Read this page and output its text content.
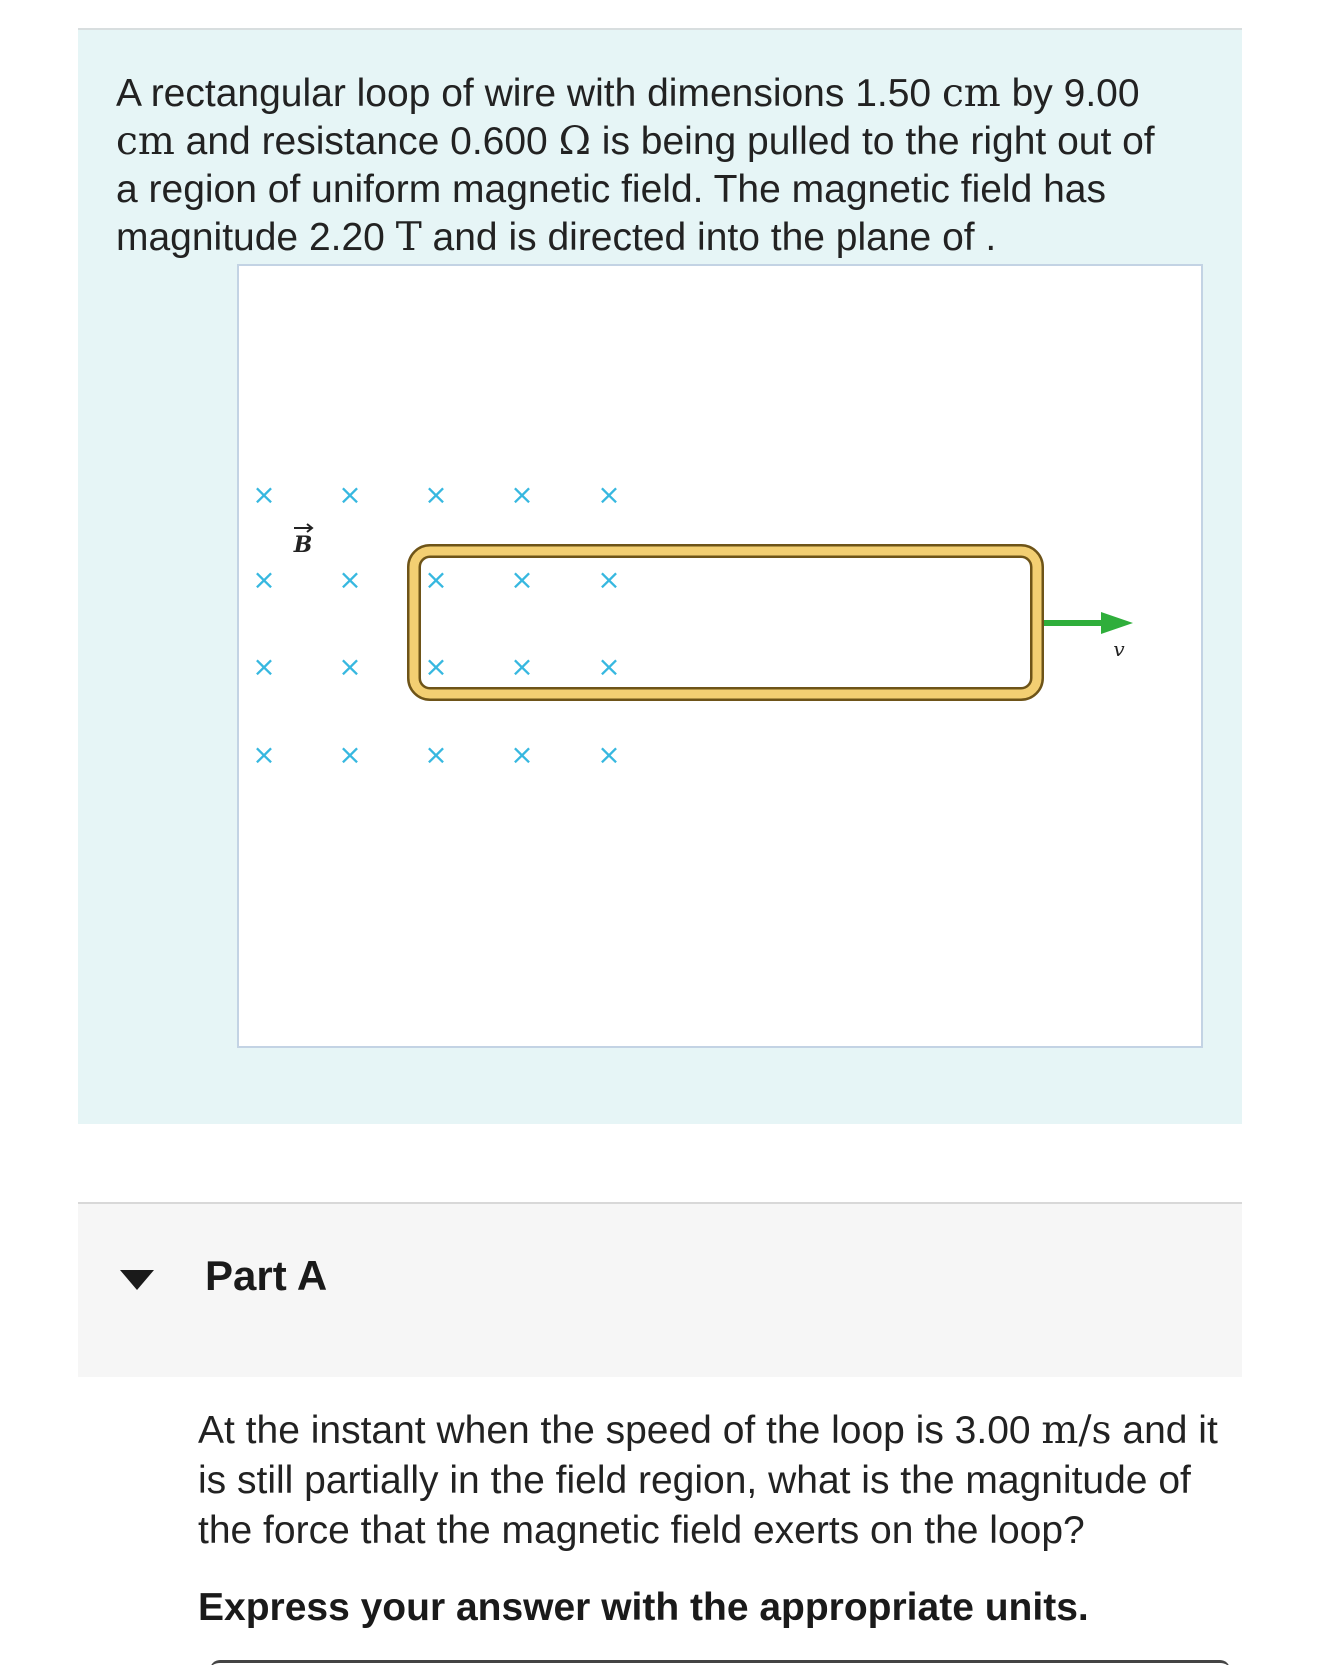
A rectangular loop of wire with dimensions 1.50 cm by 9.00 cm and resistance 0.600 Ω is being pulled to the right out of a region of uniform magnetic field. The magnetic field has magnitude 2.20 T and is directed into the plane of .

× × × × ×
× × × × ×
× × × × ×
× × × × ×
B
v
Part A

At the instant when the speed of the loop is 3.00 m/s and it is still partially in the field region, what is the magnitude of the force that the magnetic field exerts on the loop?

Express your answer with the appropriate units.
